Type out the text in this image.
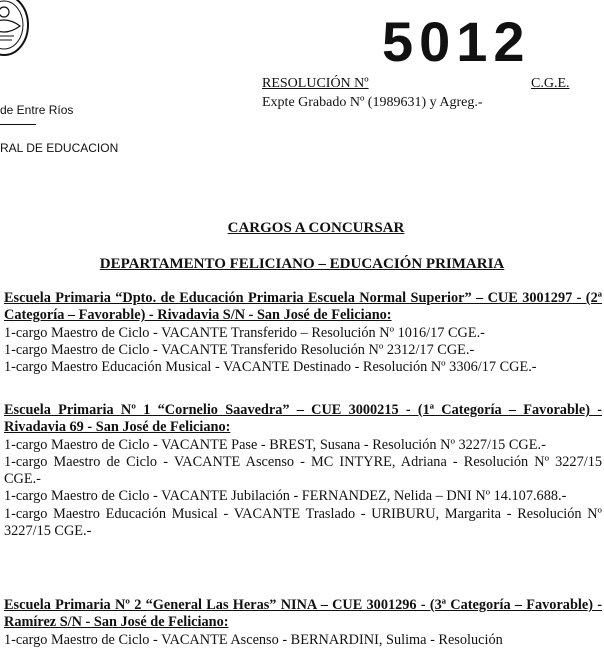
de Entre Ríos
RAL DE EDUCACION
5012
RESOLUCIÓN Nº	C.G.E.
Expte Grabado Nº (1989631) y Agreg.-
CARGOS A CONCURSAR
DEPARTAMENTO FELICIANO – EDUCACIÓN PRIMARIA
Escuela Primaria “Dpto. de Educación Primaria Escuela Normal Superior” – CUE 3001297 - (2ª Categoría – Favorable) - Rivadavia S/N - San José de Feliciano:
1-cargo Maestro de Ciclo - VACANTE Transferido – Resolución Nº 1016/17 CGE.-
1-cargo Maestro de Ciclo - VACANTE Transferido Resolución Nº 2312/17 CGE.-
1-cargo Maestro Educación Musical - VACANTE Destinado - Resolución Nº 3306/17 CGE.-
Escuela Primaria Nº 1 “Cornelio Saavedra” – CUE 3000215 - (1ª Categoría – Favorable) - Rivadavia 69 - San José de Feliciano:
1-cargo Maestro de Ciclo - VACANTE Pase - BREST, Susana - Resolución Nº 3227/15 CGE.-
1-cargo Maestro de Ciclo - VACANTE Ascenso - MC INTYRE, Adriana - Resolución Nº 3227/15 CGE.-
1-cargo Maestro de Ciclo - VACANTE Jubilación - FERNANDEZ, Nelida – DNI Nº 14.107.688.-
1-cargo Maestro Educación Musical - VACANTE Traslado - URIBURU, Margarita - Resolución Nº 3227/15 CGE.-
Escuela Primaria Nº 2 “General Las Heras” NINA – CUE 3001296 - (3ª Categoría – Favorable) - Ramírez S/N - San José de Feliciano:
1-cargo Maestro de Ciclo - VACANTE Ascenso - BERNARDINI, Sulima - Resolución
